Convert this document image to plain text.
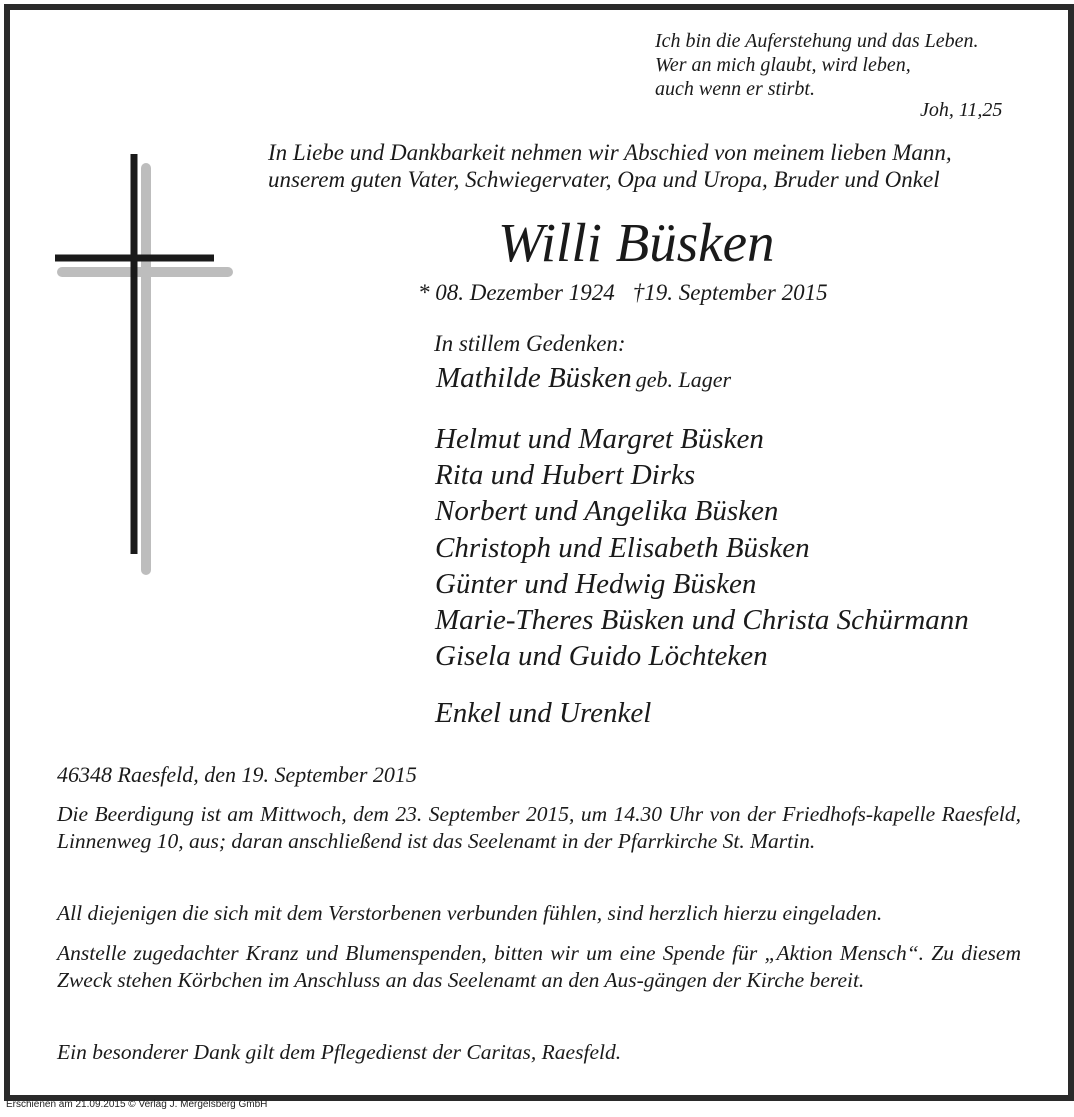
Ich bin die Auferstehung und das Leben.
Wer an mich glaubt, wird leben,
auch wenn er stirbt.
Joh, 11,25
In Liebe und Dankbarkeit nehmen wir Abschied von meinem lieben Mann,
unserem guten Vater, Schwiegervater, Opa und Uropa, Bruder und Onkel
Willi Büsken
* 08. Dezember 1924 †19. September 2015
In stillem Gedenken:
Mathilde Büsken geb. Lager
Helmut und Margret Büsken
Rita und Hubert Dirks
Norbert und Angelika Büsken
Christoph und Elisabeth Büsken
Günter und Hedwig Büsken
Marie-Theres Büsken und Christa Schürmann
Gisela und Guido Löchteken
Enkel und Urenkel
46348 Raesfeld, den 19. September 2015
Die Beerdigung ist am Mittwoch, dem 23. September 2015, um 14.30 Uhr von der Friedhofs-kapelle Raesfeld, Linnenweg 10, aus; daran anschließend ist das Seelenamt in der Pfarrkirche St. Martin.
All diejenigen die sich mit dem Verstorbenen verbunden fühlen, sind herzlich hierzu eingeladen.
Anstelle zugedachter Kranz und Blumenspenden, bitten wir um eine Spende für „Aktion Mensch“. Zu diesem Zweck stehen Körbchen im Anschluss an das Seelenamt an den Aus-gängen der Kirche bereit.
Ein besonderer Dank gilt dem Pflegedienst der Caritas, Raesfeld.
Erschienen am 21.09.2015 © Verlag J. Mergelsberg GmbH
